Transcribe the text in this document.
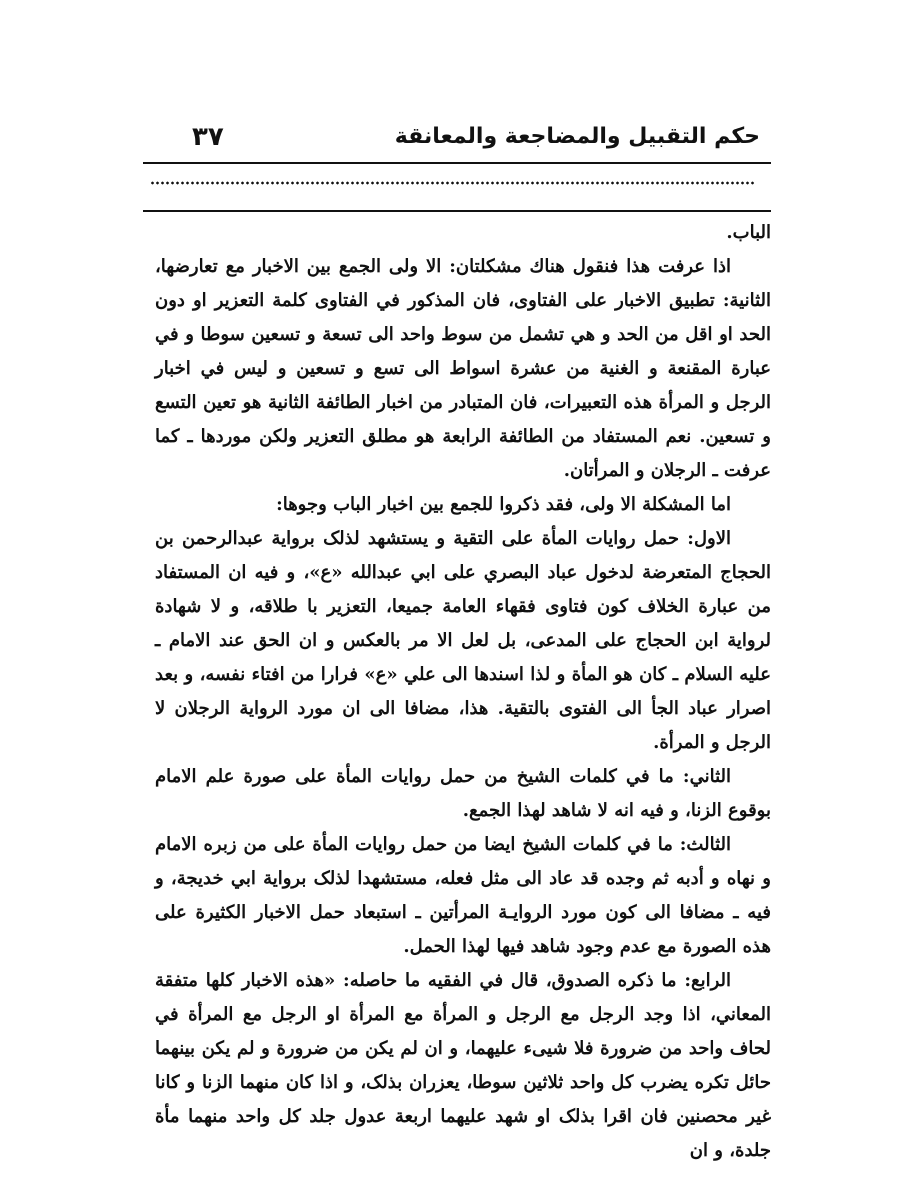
٣٧	حكم التقبيل والمضاجعة والمعانقة

الباب.

اذا عرفت هذا فنقول هناك مشكلتان: الا ولى الجمع بين الاخبار مع تعارضها، الثانية: تطبيق الاخبار على الفتاوى، فان المذكور في الفتاوى كلمة التعزير او دون الحد او اقل من الحد و هي تشمل من سوط واحد الى تسعة و تسعين سوطا و في عبارة المقنعة و الغنية من عشرة اسواط الى تسع و تسعين و ليس في اخبار الرجل و المرأة هذه التعبيرات، فان المتبادر من اخبار الطائفة الثانية هو تعين التسع و تسعين. نعم المستفاد من الطائفة الرابعة هو مطلق التعزير ولكن موردها ـ كما عرفت ـ الرجلان و المرأتان.

اما المشكلة الا ولى، فقد ذكروا للجمع بين اخبار الباب وجوها:

الاول: حمل روايات المأة على التقية و يستشهد لذلک برواية عبدالرحمن بن الحجاج المتعرضة لدخول عباد البصري على ابي عبدالله «ع»، و فيه ان المستفاد من عبارة الخلاف كون فتاوى فقهاء العامة جميعا، التعزير با طلاقه، و لا شهادة لرواية ابن الحجاج على المدعى، بل لعل الا مر بالعكس و ان الحق عند الامام ـ عليه السلام ـ كان هو المأة و لذا اسندها الى علي «ع» فرارا من افتاء نفسه، و بعد اصرار عباد الجأ الى الفتوى بالتقية. هذا، مضافا الى ان مورد الرواية الرجلان لا الرجل و المرأة.

الثاني: ما في كلمات الشيخ من حمل روايات المأة على صورة علم الامام بوقوع الزنا، و فيه انه لا شاهد لهذا الجمع.

الثالث: ما في كلمات الشيخ ايضا من حمل روايات المأة على من زبره الامام و نهاه و أدبه ثم وجده قد عاد الى مثل فعله، مستشهدا لذلک برواية ابي خديجة، و فيه ـ مضافا الى كون مورد الروايـة المرأتين ـ استبعاد حمل الاخبار الكثيرة على هذه الصورة مع عدم وجود شاهد فيها لهذا الحمل.

الرابع: ما ذكره الصدوق، قال في الفقيه ما حاصله: «هذه الاخبار كلها متفقة المعاني، اذا وجد الرجل مع الرجل و المرأة مع المرأة او الرجل مع المرأة في لحاف واحد من ضرورة فلا شيىء عليهما، و ان لم يكن من ضرورة و لم يكن بينهما حائل تكره يضرب كل واحد ثلاثين سوطا، يعزران بذلک، و اذا كان منهما الزنا و كانا غير محصنين فان اقرا بذلک او شهد عليهما اربعة عدول جلد كل واحد منهما مأة جلدة، و ان
